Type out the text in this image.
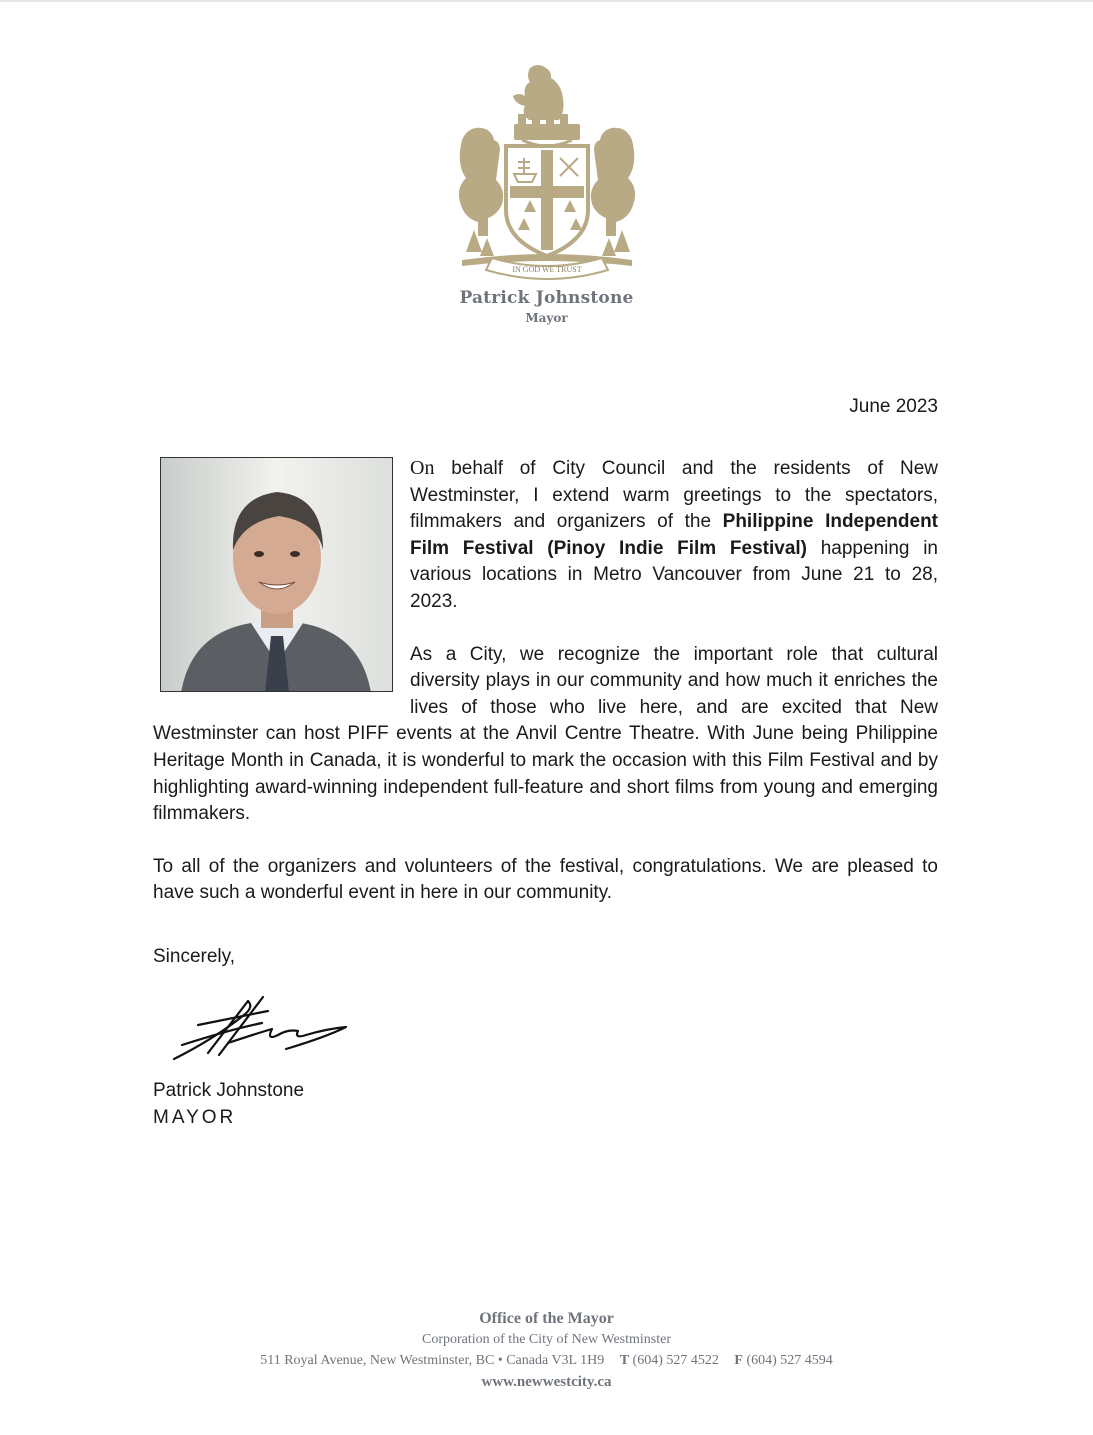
IN GOD WE TRUST
Patrick Johnstone
Mayor
June 2023

On behalf of City Council and the residents of New Westminster, I extend warm greetings to the spectators, filmmakers and organizers of the Philippine Independent Film Festival (Pinoy Indie Film Festival) happening in various locations in Metro Vancouver from June 21 to 28, 2023.

As a City, we recognize the important role that cultural diversity plays in our community and how much it enriches the lives of those who live here, and are excited that New Westminster can host PIFF events at the Anvil Centre Theatre. With June being Philippine Heritage Month in Canada, it is wonderful to mark the occasion with this Film Festival and by highlighting award-winning independent full-feature and short films from young and emerging filmmakers.

To all of the organizers and volunteers of the festival, congratulations. We are pleased to have such a wonderful event in here in our community.

Sincerely,
Patrick Johnstone
MAYOR
Office of the Mayor
Corporation of the City of New Westminster
511 Royal Avenue, New Westminster, BC • Canada V3L 1H9 T (604) 527 4522 F (604) 527 4594
www.newwestcity.ca
